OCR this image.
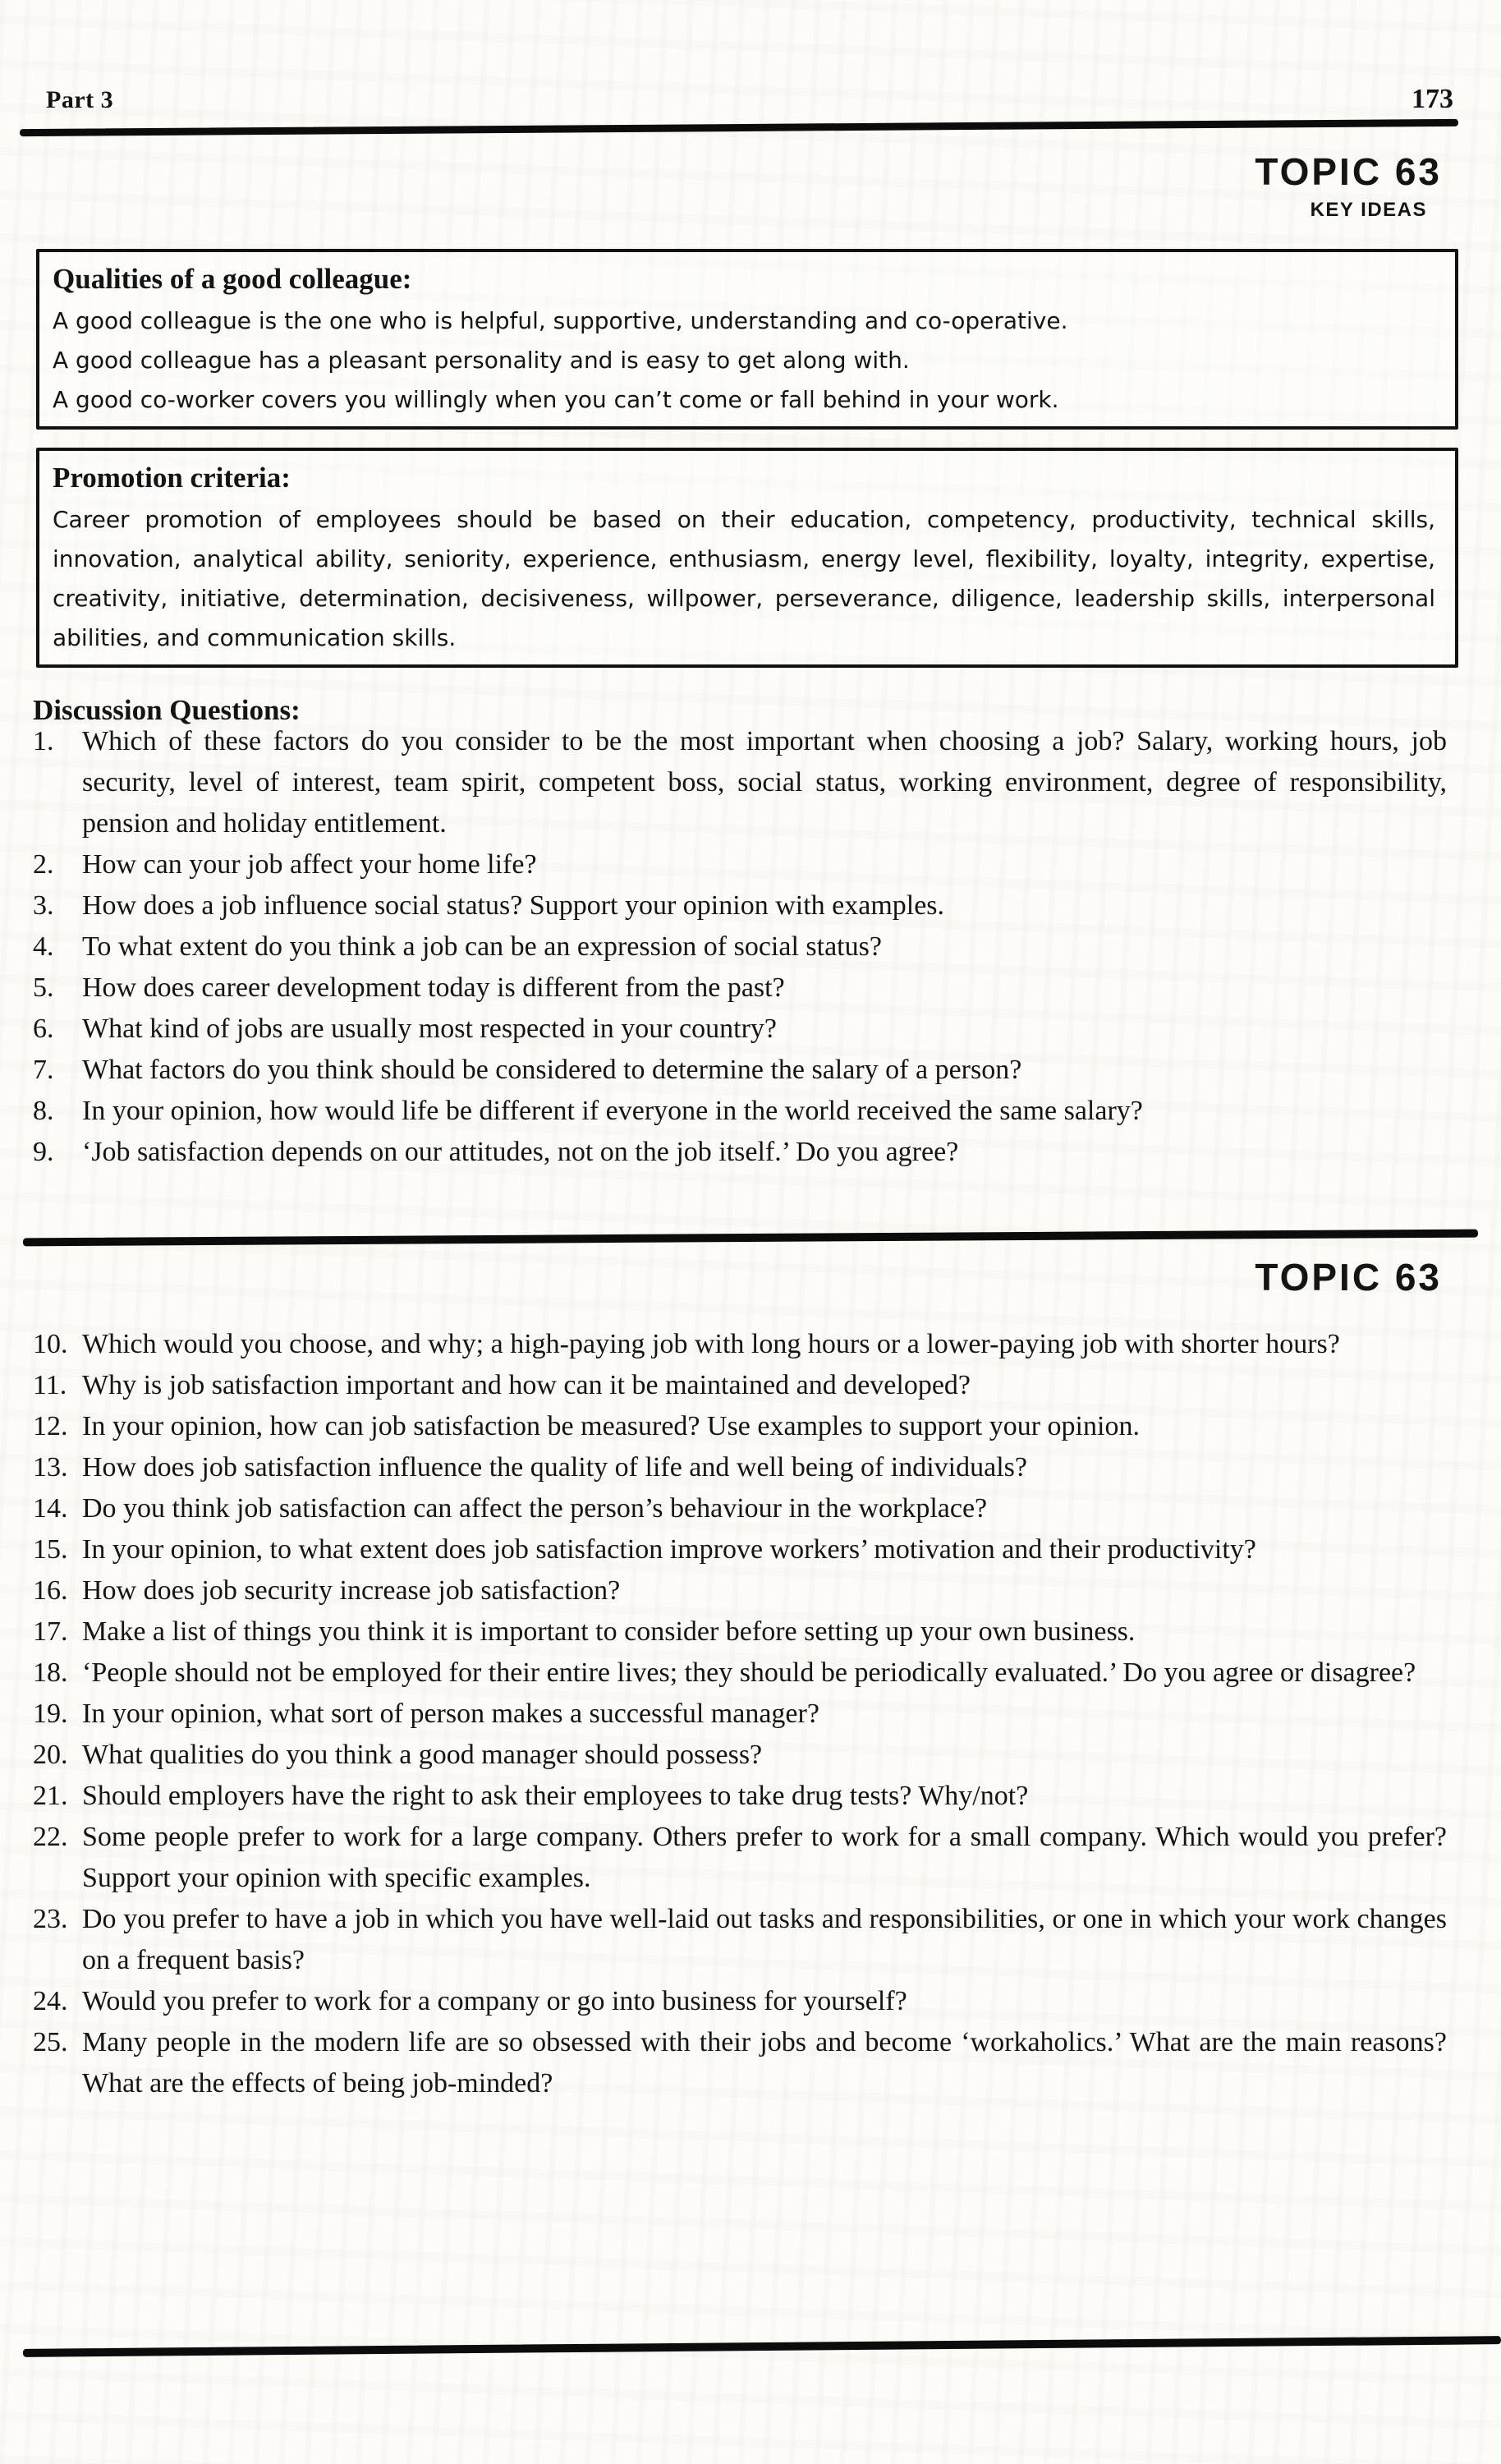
Part 3	173
TOPIC 63
KEY IDEAS
Qualities of a good colleague:
A good colleague is the one who is helpful, supportive, understanding and co-operative.
A good colleague has a pleasant personality and is easy to get along with.
A good co-worker covers you willingly when you can’t come or fall behind in your work.
Promotion criteria:
Career promotion of employees should be based on their education, competency, productivity, technical skills, innovation, analytical ability, seniority, experience, enthusiasm, energy level, flexibility, loyalty, integrity, expertise, creativity, initiative, determination, decisiveness, willpower, perseverance, diligence, leadership skills, interpersonal abilities, and communication skills.
Discussion Questions:
1.	Which of these factors do you consider to be the most important when choosing a job? Salary, working hours, job security, level of interest, team spirit, competent boss, social status, working environment, degree of responsibility, pension and holiday entitlement.
2.	How can your job affect your home life?
3.	How does a job influence social status? Support your opinion with examples.
4.	To what extent do you think a job can be an expression of social status?
5.	How does career development today is different from the past?
6.	What kind of jobs are usually most respected in your country?
7.	What factors do you think should be considered to determine the salary of a person?
8.	In your opinion, how would life be different if everyone in the world received the same salary?
9.	‘Job satisfaction depends on our attitudes, not on the job itself.’ Do you agree?
TOPIC 63
10. Which would you choose, and why; a high-paying job with long hours or a lower-paying job with shorter hours?
11. Why is job satisfaction important and how can it be maintained and developed?
12. In your opinion, how can job satisfaction be measured? Use examples to support your opinion.
13. How does job satisfaction influence the quality of life and well being of individuals?
14. Do you think job satisfaction can affect the person’s behaviour in the workplace?
15. In your opinion, to what extent does job satisfaction improve workers’ motivation and their productivity?
16. How does job security increase job satisfaction?
17. Make a list of things you think it is important to consider before setting up your own business.
18. ‘People should not be employed for their entire lives; they should be periodically evaluated.’ Do you agree or disagree?
19. In your opinion, what sort of person makes a successful manager?
20. What qualities do you think a good manager should possess?
21. Should employers have the right to ask their employees to take drug tests? Why/not?
22. Some people prefer to work for a large company. Others prefer to work for a small company. Which would you prefer? Support your opinion with specific examples.
23. Do you prefer to have a job in which you have well-laid out tasks and responsibilities, or one in which your work changes on a frequent basis?
24. Would you prefer to work for a company or go into business for yourself?
25. Many people in the modern life are so obsessed with their jobs and become ‘workaholics.’ What are the main reasons? What are the effects of being job-minded?
